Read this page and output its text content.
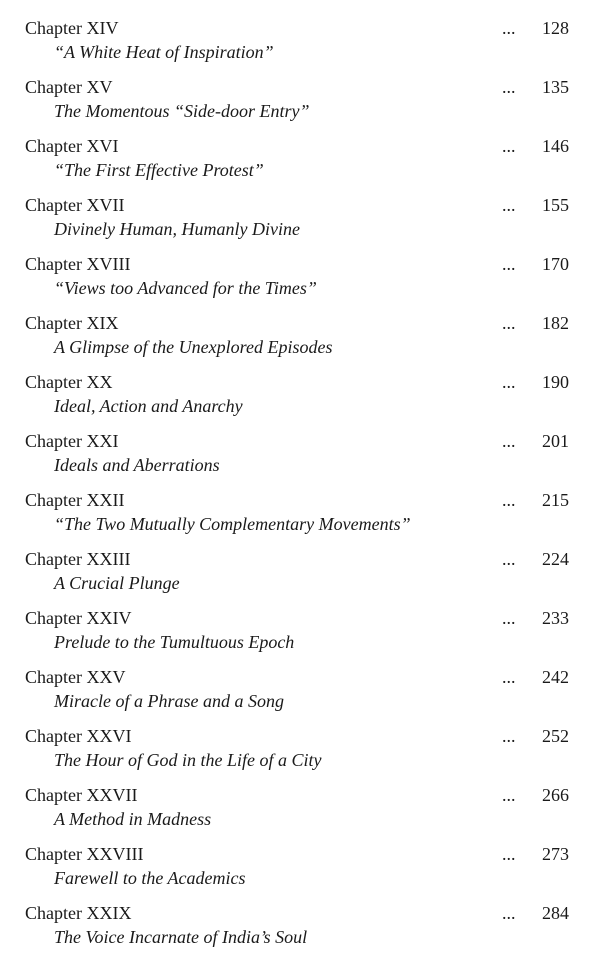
Chapter XIV
“A White Heat of Inspiration”
... 128
Chapter XV
The Momentous “Side-door Entry”
... 135
Chapter XVI
“The First Effective Protest”
... 146
Chapter XVII
Divinely Human, Humanly Divine
... 155
Chapter XVIII
“Views too Advanced for the Times”
... 170
Chapter XIX
A Glimpse of the Unexplored Episodes
... 182
Chapter XX
Ideal, Action and Anarchy
... 190
Chapter XXI
Ideals and Aberrations
... 201
Chapter XXII
“The Two Mutually Complementary Movements”
... 215
Chapter XXIII
A Crucial Plunge
... 224
Chapter XXIV
Prelude to the Tumultuous Epoch
... 233
Chapter XXV
Miracle of a Phrase and a Song
... 242
Chapter XXVI
The Hour of God in the Life of a City
... 252
Chapter XXVII
A Method in Madness
... 266
Chapter XXVIII
Farewell to the Academics
... 273
Chapter XXIX
The Voice Incarnate of India’s Soul
... 284
